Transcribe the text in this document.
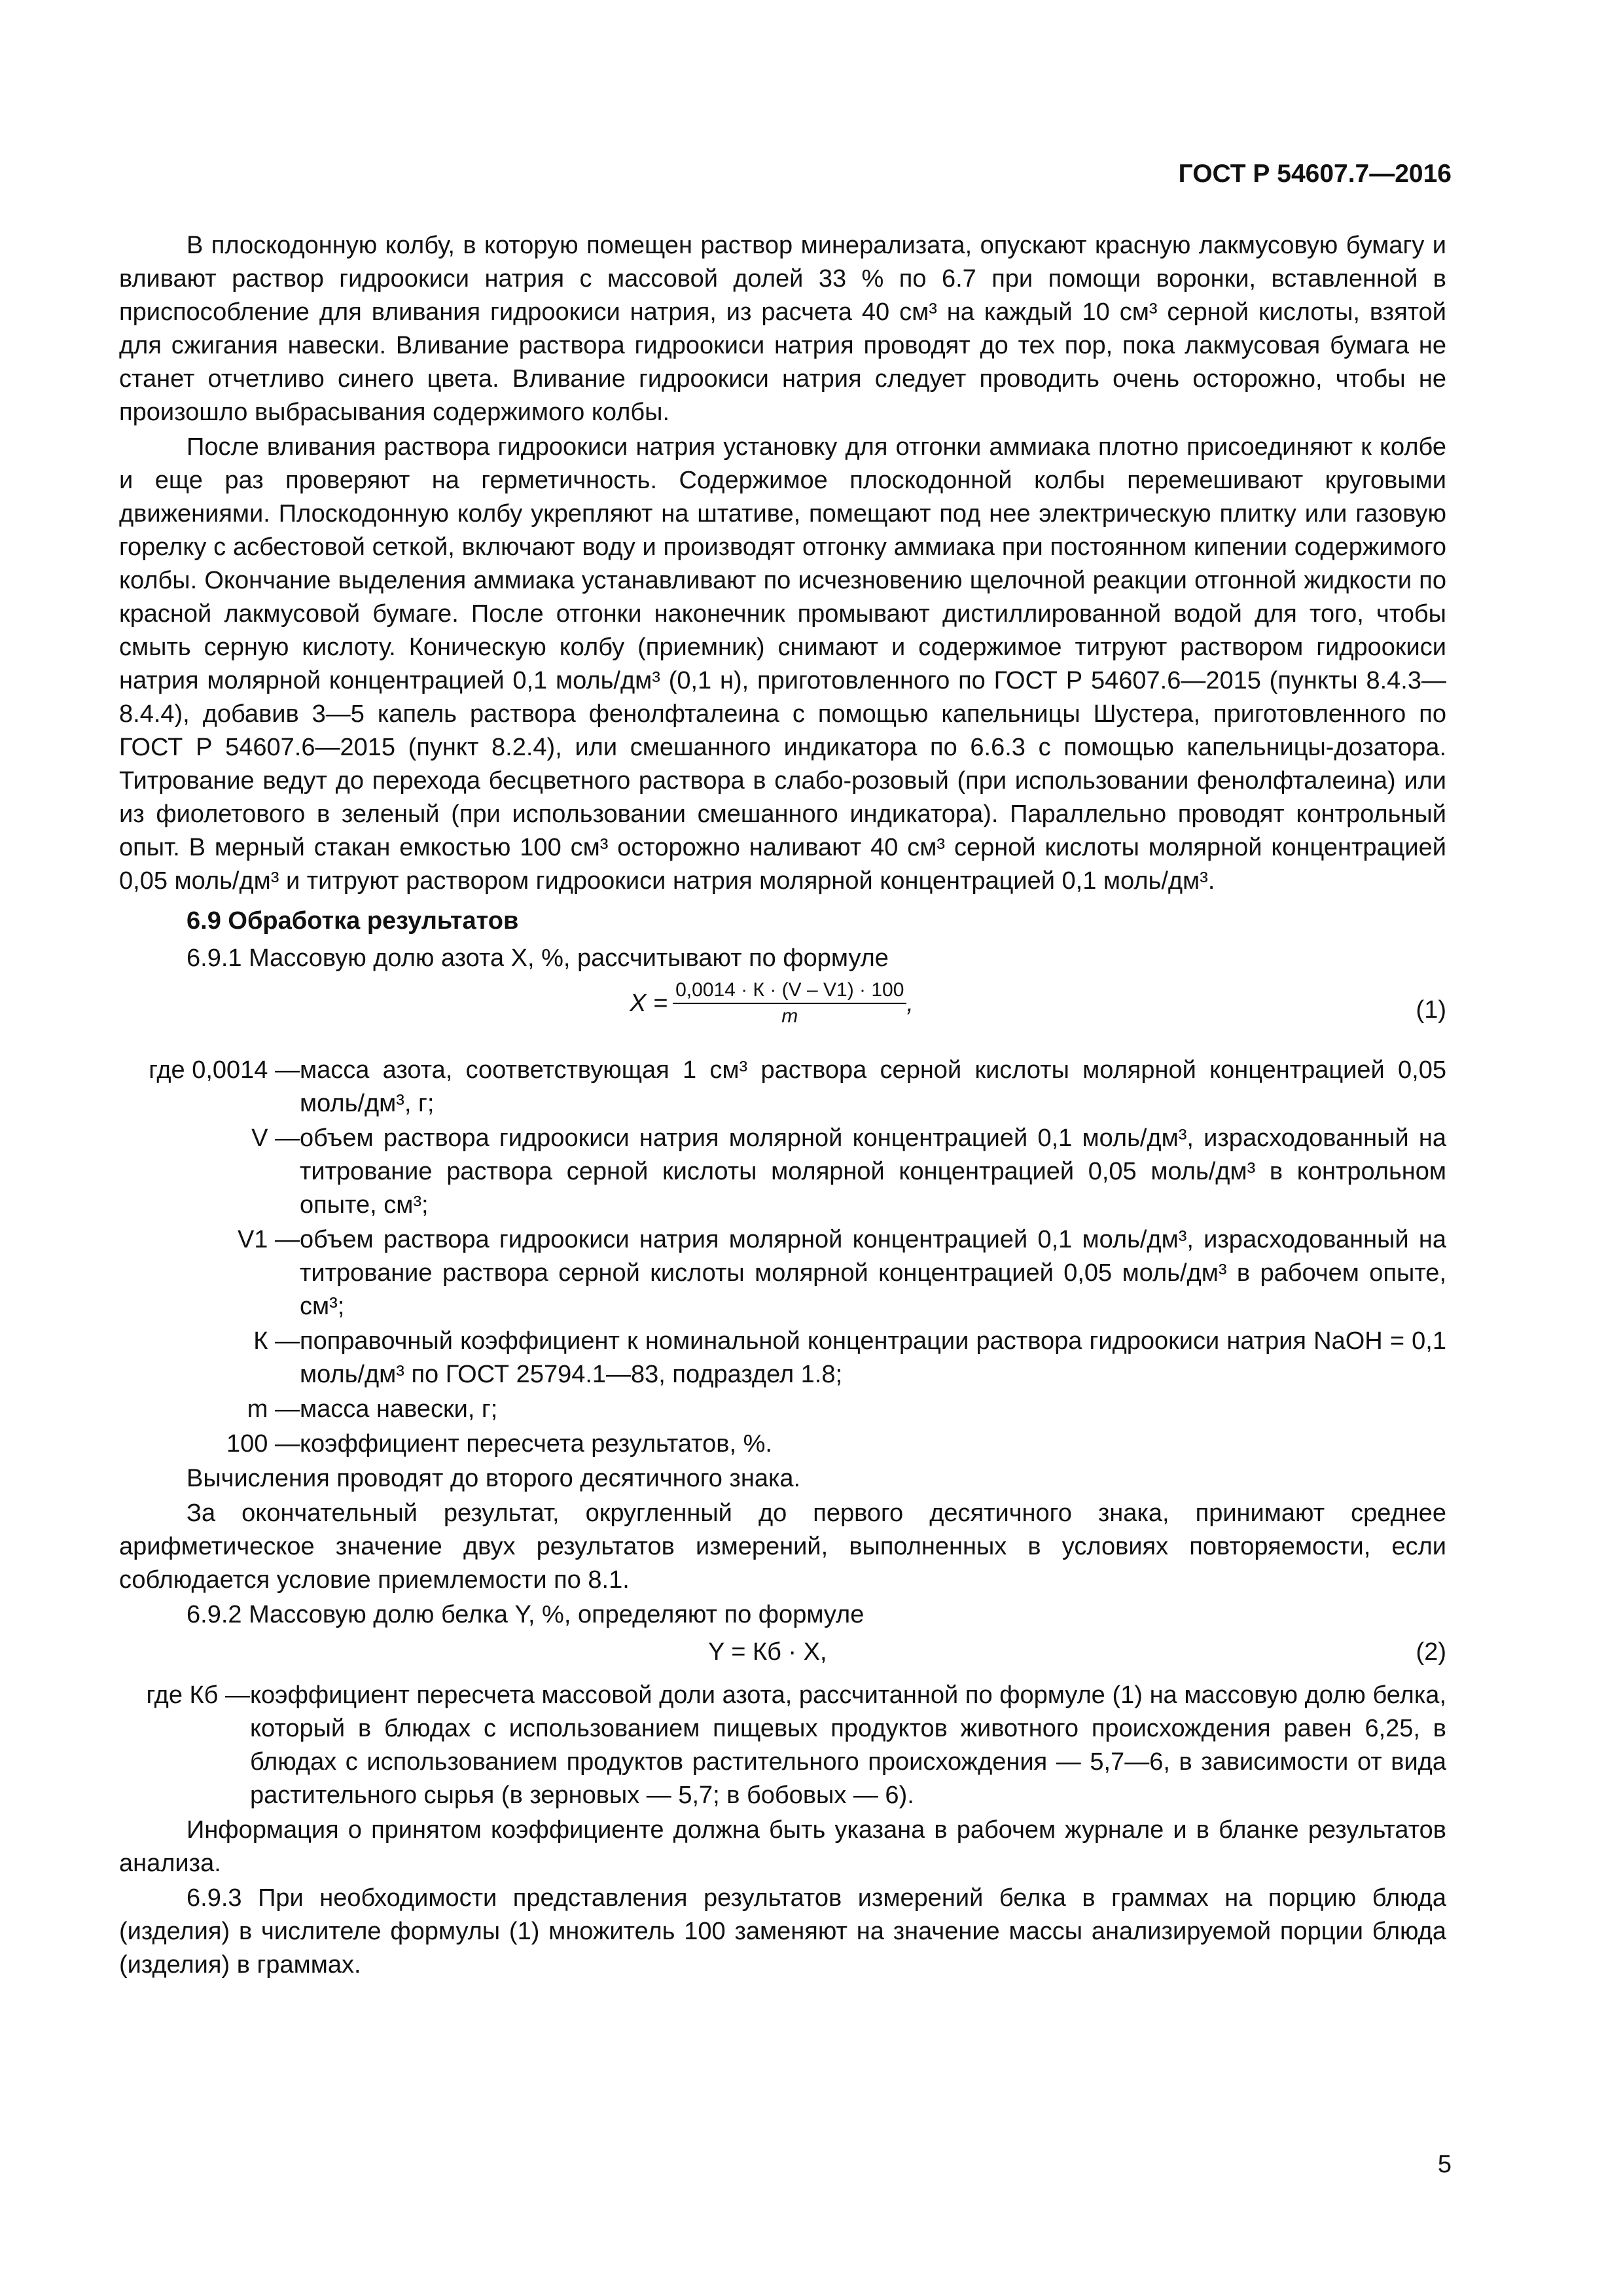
ГОСТ Р 54607.7—2016

В плоскодонную колбу, в которую помещен раствор минерализата, опускают красную лакмусовую бумагу и вливают раствор гидроокиси натрия с массовой долей 33 % по 6.7 при помощи воронки, вставленной в приспособление для вливания гидроокиси натрия, из расчета 40 см³ на каждый 10 см³ серной кислоты, взятой для сжигания навески. Вливание раствора гидроокиси натрия проводят до тех пор, пока лакмусовая бумага не станет отчетливо синего цвета. Вливание гидроокиси натрия следует проводить очень осторожно, чтобы не произошло выбрасывания содержимого колбы.

После вливания раствора гидроокиси натрия установку для отгонки аммиака плотно присоединяют к колбе и еще раз проверяют на герметичность. Содержимое плоскодонной колбы перемешивают круговыми движениями. Плоскодонную колбу укрепляют на штативе, помещают под нее электрическую плитку или газовую горелку с асбестовой сеткой, включают воду и производят отгонку аммиака при постоянном кипении содержимого колбы. Окончание выделения аммиака устанавливают по исчезновению щелочной реакции отгонной жидкости по красной лакмусовой бумаге. После отгонки наконечник промывают дистиллированной водой для того, чтобы смыть серную кислоту. Коническую колбу (приемник) снимают и содержимое титруют раствором гидроокиси натрия молярной концентрацией 0,1 моль/дм³ (0,1 н), приготовленного по ГОСТ Р 54607.6—2015 (пункты 8.4.3—8.4.4), добавив 3—5 капель раствора фенолфталеина с помощью капельницы Шустера, приготовленного по ГОСТ Р 54607.6—2015 (пункт 8.2.4), или смешанного индикатора по 6.6.3 с помощью капельницы-дозатора. Титрование ведут до перехода бесцветного раствора в слабо-розовый (при использовании фенолфталеина) или из фиолетового в зеленый (при использовании смешанного индикатора). Параллельно проводят контрольный опыт. В мерный стакан емкостью 100 см³ осторожно наливают 40 см³ серной кислоты молярной концентрацией 0,05 моль/дм³ и титруют раствором гидроокиси натрия молярной концентрацией 0,1 моль/дм³.

6.9 Обработка результатов

6.9.1 Массовую долю азота X, %, рассчитывают по формуле

$X = \frac{0,0014 \cdot К \cdot (V - V1) \cdot 100}{m}$ ,	(1)
где 0,0014 — масса азота, соответствующая 1 см³ раствора серной кислоты молярной концентрацией 0,05 моль/дм³, г;
V — объем раствора гидроокиси натрия молярной концентрацией 0,1 моль/дм³, израсходованный на титрование раствора серной кислоты молярной концентрацией 0,05 моль/дм³ в контрольном опыте, см³;
V1 — объем раствора гидроокиси натрия молярной концентрацией 0,1 моль/дм³, израсходованный на титрование раствора серной кислоты молярной концентрацией 0,05 моль/дм³ в рабочем опыте, см³;
К — поправочный коэффициент к номинальной концентрации раствора гидроокиси натрия NaOH = 0,1 моль/дм³ по ГОСТ 25794.1—83, подраздел 1.8;
m — масса навески, г;
100 — коэффициент пересчета результатов, %.

Вычисления проводят до второго десятичного знака.

За окончательный результат, округленный до первого десятичного знака, принимают среднее арифметическое значение двух результатов измерений, выполненных в условиях повторяемости, если соблюдается условие приемлемости по 8.1.

6.9.2 Массовую долю белка Y, %, определяют по формуле

Y = Кб · X,	(2)
где Кб — коэффициент пересчета массовой доли азота, рассчитанной по формуле (1) на массовую долю белка, который в блюдах с использованием пищевых продуктов животного происхождения равен 6,25, в блюдах с использованием продуктов растительного происхождения — 5,7—6, в зависимости от вида растительного сырья (в зерновых — 5,7; в бобовых — 6).

Информация о принятом коэффициенте должна быть указана в рабочем журнале и в бланке результатов анализа.

6.9.3 При необходимости представления результатов измерений белка в граммах на порцию блюда (изделия) в числителе формулы (1) множитель 100 заменяют на значение массы анализируемой порции блюда (изделия) в граммах.

5
